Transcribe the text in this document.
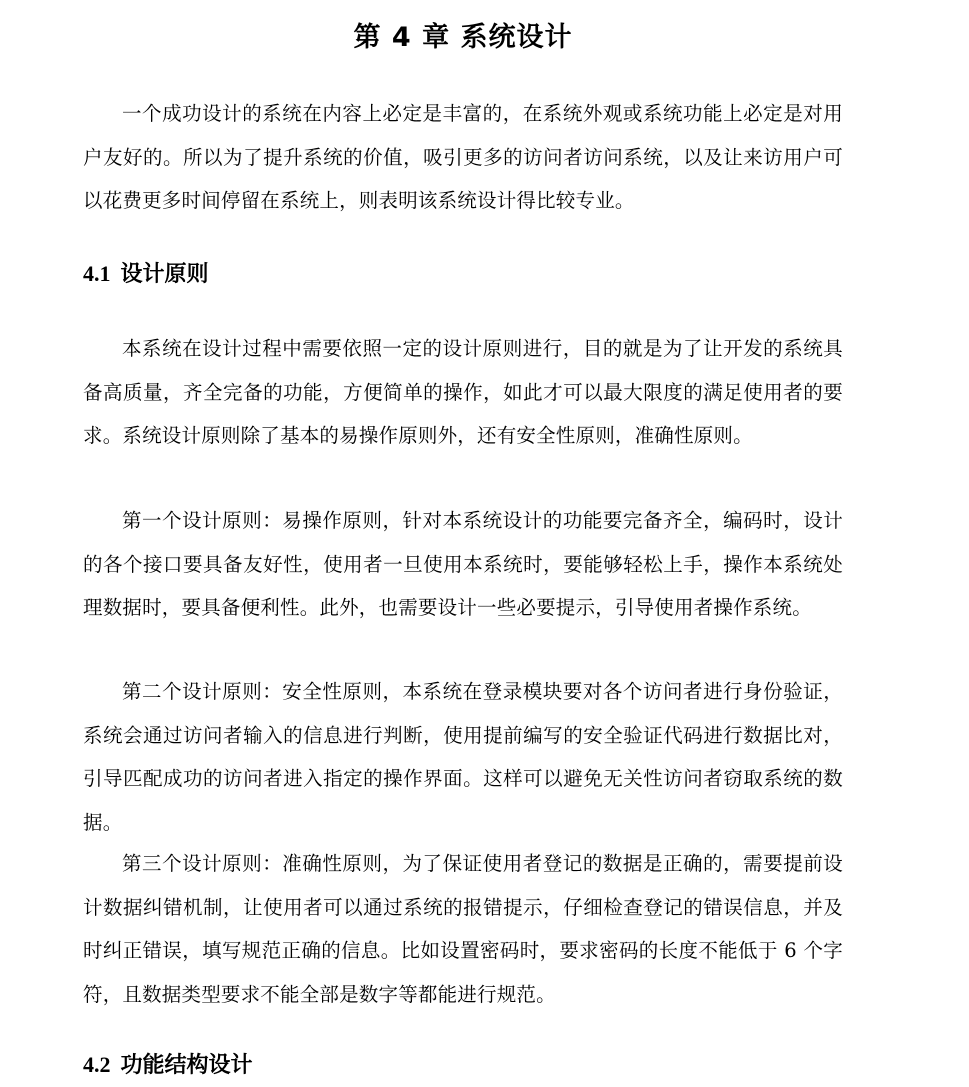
第 4 章 系统设计

一个成功设计的系统在内容上必定是丰富的，在系统外观或系统功能上必定是对用户友好的。所以为了提升系统的价值，吸引更多的访问者访问系统，以及让来访用户可以花费更多时间停留在系统上，则表明该系统设计得比较专业。

4.1 设计原则

本系统在设计过程中需要依照一定的设计原则进行，目的就是为了让开发的系统具备高质量，齐全完备的功能，方便简单的操作，如此才可以最大限度的满足使用者的要求。系统设计原则除了基本的易操作原则外，还有安全性原则，准确性原则。

第一个设计原则：易操作原则，针对本系统设计的功能要完备齐全，编码时，设计的各个接口要具备友好性，使用者一旦使用本系统时，要能够轻松上手，操作本系统处理数据时，要具备便利性。此外，也需要设计一些必要提示，引导使用者操作系统。

第二个设计原则：安全性原则，本系统在登录模块要对各个访问者进行身份验证，系统会通过访问者输入的信息进行判断，使用提前编写的安全验证代码进行数据比对，引导匹配成功的访问者进入指定的操作界面。这样可以避免无关性访问者窃取系统的数据。

第三个设计原则：准确性原则，为了保证使用者登记的数据是正确的，需要提前设计数据纠错机制，让使用者可以通过系统的报错提示，仔细检查登记的错误信息，并及时纠正错误，填写规范正确的信息。比如设置密码时，要求密码的长度不能低于 6 个字符，且数据类型要求不能全部是数字等都能进行规范。

4.2 功能结构设计
